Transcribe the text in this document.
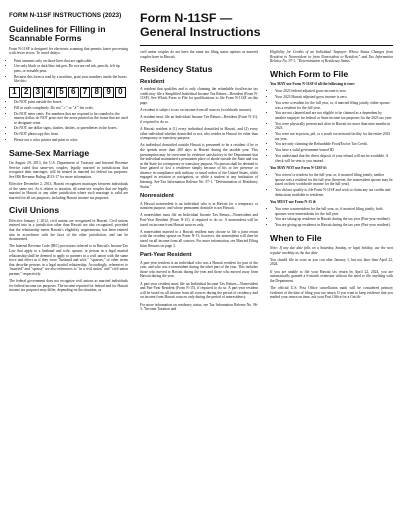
Form N-11SF — General Instructions
FORM N-11SF INSTRUCTIONS (2023)
Guidelines for Filling in Scannable Forms

Form N-11SF is designed for electronic scanning that permits faster processing with fewer errors. To avoid delays:

• Print amounts only on those lines that are applicable.
• Use only black or dark blue ink pen. Do not use red ink, pencils, felt tip pens, or erasable pens.
• Because this form is read by a machine, print your numbers inside the boxes like this:
1 2 3 4 5 6 7 8 9 0
• Do NOT print outside the boxes.
• Fill in ovals completely. Do not "✓" or "✗" the ovals.
• Do NOT enter cents. For numbers that are required to be rounded to the nearest dollar, do NOT print over the zeros printed on the forms that are used to designate cents.
• Do NOT use dollar signs, slashes, dashes, or parentheses in the boxes.
• Do NOT photocopy this form.
• Please use a color printer and print in color.
Same-Sex Marriage

On August 29, 2013, the U.S. Department of Treasury and Internal Revenue Service ruled that same-sex couples, legally married in jurisdictions that recognize their marriages, will be treated as married for federal tax purposes. See IRS Revenue Ruling 2013-17 for more information.

Effective December 2, 2013, Hawaii recognizes marriages between individuals of the same sex. As it relates to taxation, all same-sex couples that are legally married in Hawaii or any other jurisdiction where such marriage is valid are married for all tax purposes, including Hawaii income tax purposes.

Civil Unions

Effective January 1, 2012, civil unions are recognized in Hawaii. Civil unions entered into in a jurisdiction other than Hawaii are also recognized, provided that the relationship meets Hawaii's eligibility requirements, has been entered into in accordance with the laws of the other jurisdiction, and can be documented.

The Internal Revenue Code (IRC) provisions referred to in Hawaii's Income Tax Law that apply to a husband and wife, spouse, or person in a legal marital relationship shall be deemed to apply to partners in a civil union with the same force and effect as if they were "husband and wife," "spouses," or other terms that describe persons in a legal marital relationship. Accordingly, references to "married" and "spouse" are also references to "in a civil union" and "civil union partner," respectively.

The federal government does not recognize civil unions as married individuals for federal income tax purposes. The income reported for federal and for Hawaii income tax purposes may differ, depending on the situation, as

civil union couples do not have the same tax filing status options as married couples have in Hawaii.

Residency Status
Resident

A resident that qualifies and is only claiming the refundable food/excise tax credit may file a Simplified Individual Income Tax Return—Resident (Form N-11SF). See Which Form to File for qualifications to file Form N-11SF on this page.

A resident is subject to tax on income from all sources (worldwide income).

A resident must file an Individual Income Tax Return—Resident (Form N-11), if required to do so.

A Hawaii resident is (1) every individual domiciled in Hawaii, and (2) every other individual whether domiciled or not, who resides in Hawaii for other than a temporary or transitory purpose.

An individual domiciled outside Hawaii is presumed to be a resident if he or she spends more than 200 days in Hawaii during the taxable year. This presumption may be overcome by evidence satisfactory to the Department that the individual maintained a permanent place of abode outside the State and was in the State for a temporary or transitory purpose. No person shall be deemed to have gained or lost a residence simply because of his or her presence or absence in compliance with military or naval orders of the United States, while engaged in aviation or navigation, or while a student at any institution of learning. See Tax Information Release No. 97-1, "Determination of Residency Status."

Nonresident

A Hawaii nonresident is an individual who is in Hawaii for a temporary or transient purpose, and whose permanent domicile is not Hawaii.

A nonresident must file an Individual Income Tax Return—Nonresident and Part-Year Resident (Form N-15), if required to do so. A nonresident will be taxed on income from Hawaii sources only.

A nonresident married to a Hawaii resident may choose to file a joint return with the resident spouse on Form N-11; however, the nonresident will then be taxed on all income from all sources. For more information, see Married Filing Joint Returns on page 3.

Part-Year Resident

A part-year resident is an individual who was a Hawaii resident for part of the year, and who was a nonresident during the other part of the year. This includes those who moved to Hawaii during the year and those who moved away from Hawaii during the year.

A part-year resident must file an Individual Income Tax Return—Nonresident and Part-Year Resident (Form N-15), if required to do so. A part-year resident will be taxed on all income from all sources during the period of residency and on income from Hawaii sources only during the period of nonresidency.

For more information on residency status, see Tax Information Release No. 96-3, "Income Taxation and

Eligibility for Credits of an Individual Taxpayer Whose Status Changes from Resident to Nonresident or from Nonresident to Resident," and Tax Information Release No. 97-1, "Determination of Residency Status."

Which Form to File

You MAY use Form N-11SF if all the following is true:

• Your 2023 federal adjusted gross income is zero.
• Your 2023 Hawaii adjusted gross income is zero.
• You were a resident for the full year, or, if married filing jointly, either spouse was a resident for the full year.
• You are not claimed and are not eligible to be claimed as a dependent by another taxpayer for federal or State income tax purposes for the 2023 tax year.
• You were physically present and alive in Hawaii for more than nine months in 2023.
• You were not in prison, jail, or a youth correctional facility for the entire 2023 tax year.
• You are only claiming the Refundable Food/Excise Tax Credit.
• You have a valid government-issued ID.
• You understand that the direct deposit of your refund will not be available. A check will be sent to you instead.

You MAY NOT use Form N-11SF if:

• You weren't a resident for the full year, or, if married filing jointly, neither spouse was a resident for the full year (however, the nonresident spouse may be taxed on their worldwide income for the full year).
• You did not qualify to file Form N-11SF and wish to claim any tax credits and deductions available to residents.

You MUST use Form N-15 if:

• You were a nonresident for the full year, or, if married filing jointly, both spouses were nonresidents for the full year.
• You are taking up residence in Hawaii during the tax year (Part-year resident).
• You are giving up residence in Hawaii during the tax year (Part-year resident).
When to File

Note: If any due date falls on a Saturday, Sunday, or legal holiday, use the next regular workday as the due date.

You should file as soon as you can after January 1, but not later than April 22, 2024.

If you are unable to file your Hawaii tax return by April 22, 2024, you are automatically granted a 6-month extension without the need to file anything with the Department.

The official U.S. Post Office cancellation mark will be considered primary evidence of the date of filing your tax return. If you want to keep evidence that you mailed your return on time, ask your Post Office for a Certifi-
